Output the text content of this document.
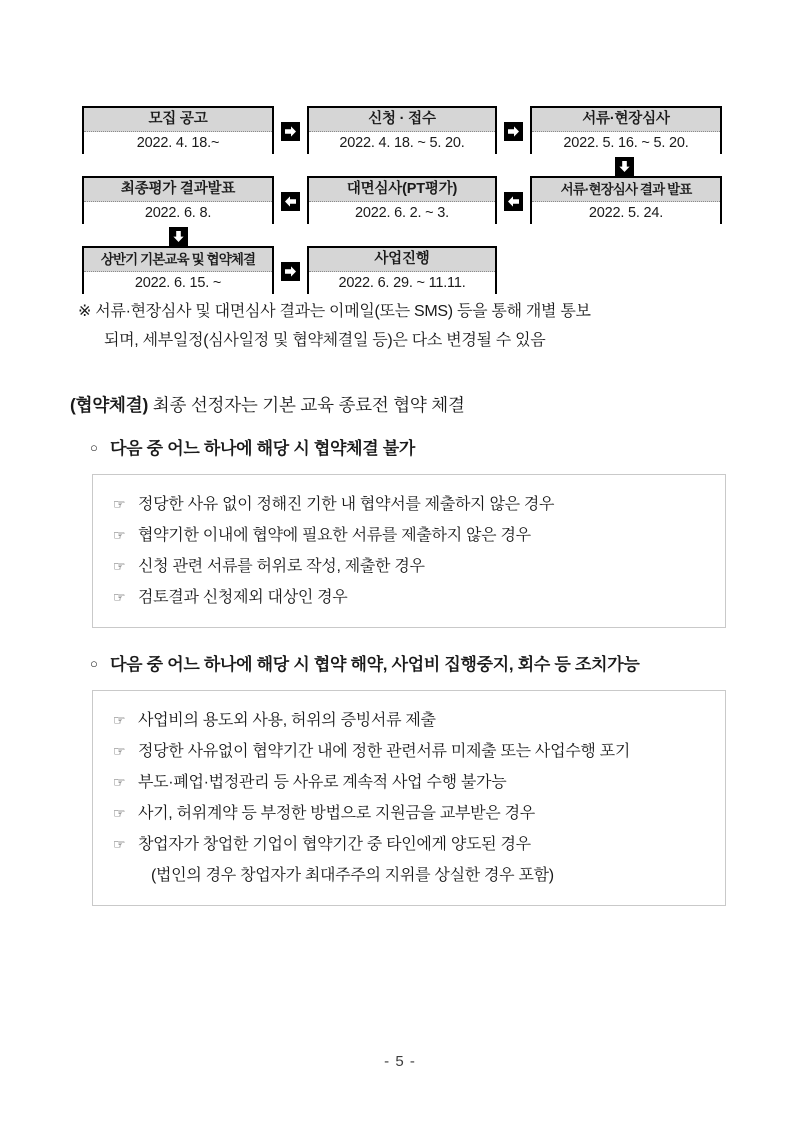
모집 공고
2022. 4. 18.~
신청 · 접수
2022. 4. 18. ~ 5. 20.
서류·현장심사
2022. 5. 16. ~ 5. 20.
최종평가 결과발표
2022. 6. 8.
대면심사(PT평가)
2022. 6. 2. ~ 3.
서류·현장심사 결과 발표
2022. 5. 24.
상반기 기본교육 및 협약체결
2022. 6. 15. ~
사업진행
2022. 6. 29. ~ 11.11.
※ 서류·현장심사 및 대면심사 결과는 이메일(또는 SMS) 등을 통해 개별 통보
되며, 세부일정(심사일정 및 협약체결일 등)은 다소 변경될 수 있음
(협약체결) 최종 선정자는 기본 교육 종료전 협약 체결
○ 다음 중 어느 하나에 해당 시 협약체결 불가
☞ 정당한 사유 없이 정해진 기한 내 협약서를 제출하지 않은 경우
☞ 협약기한 이내에 협약에 필요한 서류를 제출하지 않은 경우
☞ 신청 관련 서류를 허위로 작성, 제출한 경우
☞ 검토결과 신청제외 대상인 경우
○ 다음 중 어느 하나에 해당 시 협약 해약, 사업비 집행중지, 회수 등 조치가능
☞ 사업비의 용도외 사용, 허위의 증빙서류 제출
☞ 정당한 사유없이 협약기간 내에 정한 관련서류 미제출 또는 사업수행 포기
☞ 부도·폐업·법정관리 등 사유로 계속적 사업 수행 불가능
☞ 사기, 허위계약 등 부정한 방법으로 지원금을 교부받은 경우
☞ 창업자가 창업한 기업이 협약기간 중 타인에게 양도된 경우
(법인의 경우 창업자가 최대주주의 지위를 상실한 경우 포함)
- 5 -
